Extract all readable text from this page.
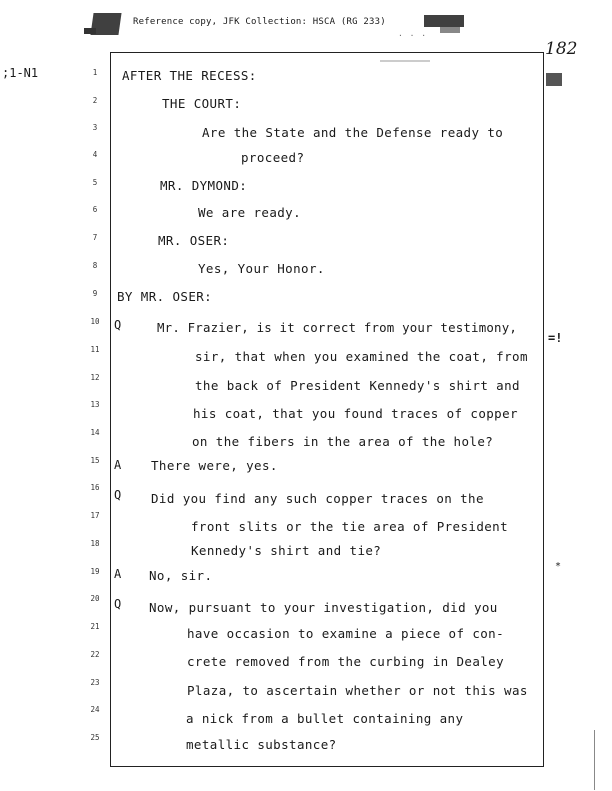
· · ·
Reference copy, JFK Collection: HSCA (RG 233)
;1-N1
182
=!
*
1
2
3
4
5
6
7
8
9
10
11
12
13
14
15
16
17
18
19
20
21
22
23
24
25
Q
A
Q
A
Q
AFTER THE RECESS:
THE COURT:
Are the State and the Defense ready to
proceed?
MR. DYMOND:
We are ready.
MR. OSER:
Yes, Your Honor.
BY MR. OSER:
Mr. Frazier, is it correct from your testimony,
sir, that when you examined the coat, from
the back of President Kennedy's shirt and
his coat, that you found traces of copper
on the fibers in the area of the hole?
There were, yes.
Did you find any such copper traces on the
front slits or the tie area of President
Kennedy's shirt and tie?
No, sir.
Now, pursuant to your investigation, did you
have occasion to examine a piece of con-
crete removed from the curbing in Dealey
Plaza, to ascertain whether or not this was
a nick from a bullet containing any
metallic substance?
